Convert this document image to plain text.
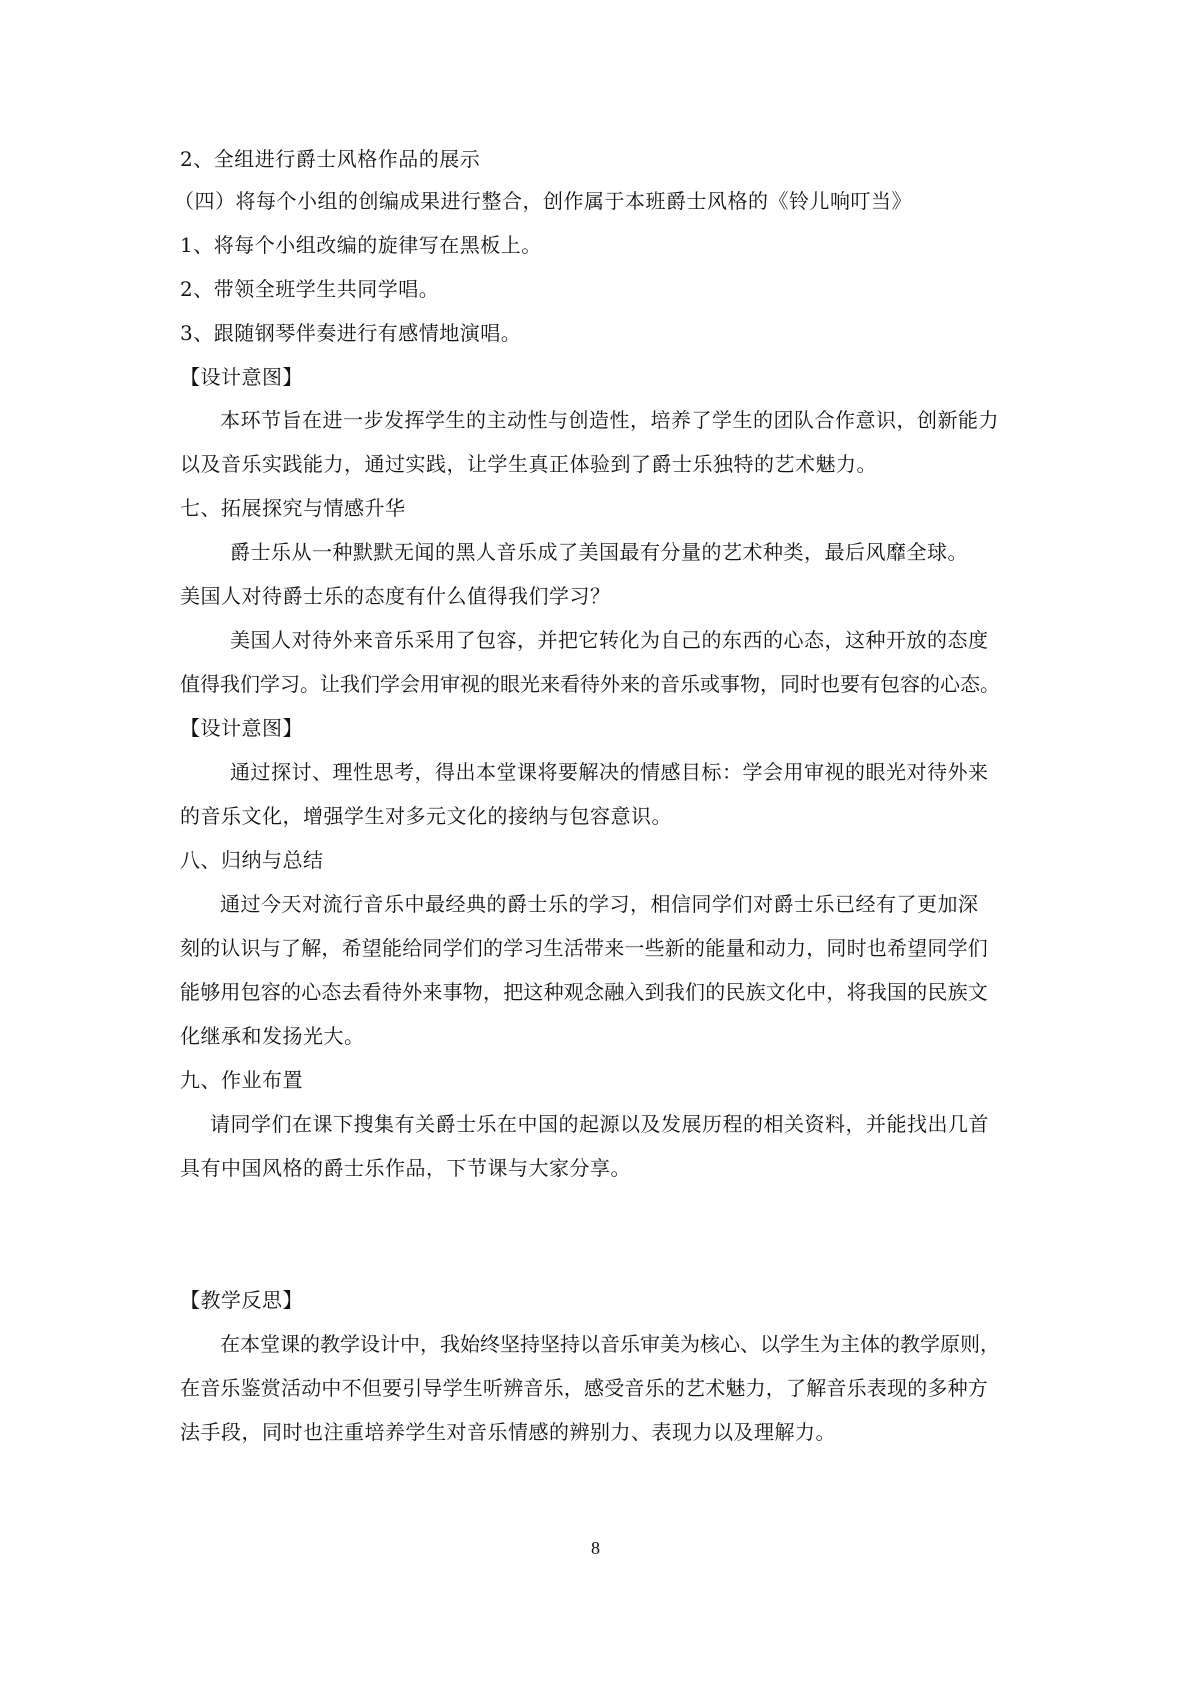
2、全组进行爵士风格作品的展示
（四）将每个小组的创编成果进行整合，创作属于本班爵士风格的《铃儿响叮当》
1、将每个小组改编的旋律写在黑板上。
2、带领全班学生共同学唱。
3、跟随钢琴伴奏进行有感情地演唱。
【设计意图】
本环节旨在进一步发挥学生的主动性与创造性，培养了学生的团队合作意识，创新能力
以及音乐实践能力，通过实践，让学生真正体验到了爵士乐独特的艺术魅力。
七、拓展探究与情感升华
爵士乐从一种默默无闻的黑人音乐成了美国最有分量的艺术种类，最后风靡全球。
美国人对待爵士乐的态度有什么值得我们学习？
美国人对待外来音乐采用了包容，并把它转化为自己的东西的心态，这种开放的态度
值得我们学习。让我们学会用审视的眼光来看待外来的音乐或事物，同时也要有包容的心态。
【设计意图】
通过探讨、理性思考，得出本堂课将要解决的情感目标：学会用审视的眼光对待外来
的音乐文化，增强学生对多元文化的接纳与包容意识。
八、归纳与总结
通过今天对流行音乐中最经典的爵士乐的学习，相信同学们对爵士乐已经有了更加深
刻的认识与了解，希望能给同学们的学习生活带来一些新的能量和动力，同时也希望同学们
能够用包容的心态去看待外来事物，把这种观念融入到我们的民族文化中，将我国的民族文
化继承和发扬光大。
九、作业布置
请同学们在课下搜集有关爵士乐在中国的起源以及发展历程的相关资料，并能找出几首
具有中国风格的爵士乐作品，下节课与大家分享。
【教学反思】
在本堂课的教学设计中，我始终坚持坚持以音乐审美为核心、以学生为主体的教学原则，
在音乐鉴赏活动中不但要引导学生听辨音乐，感受音乐的艺术魅力，了解音乐表现的多种方
法手段，同时也注重培养学生对音乐情感的辨别力、表现力以及理解力。
8
